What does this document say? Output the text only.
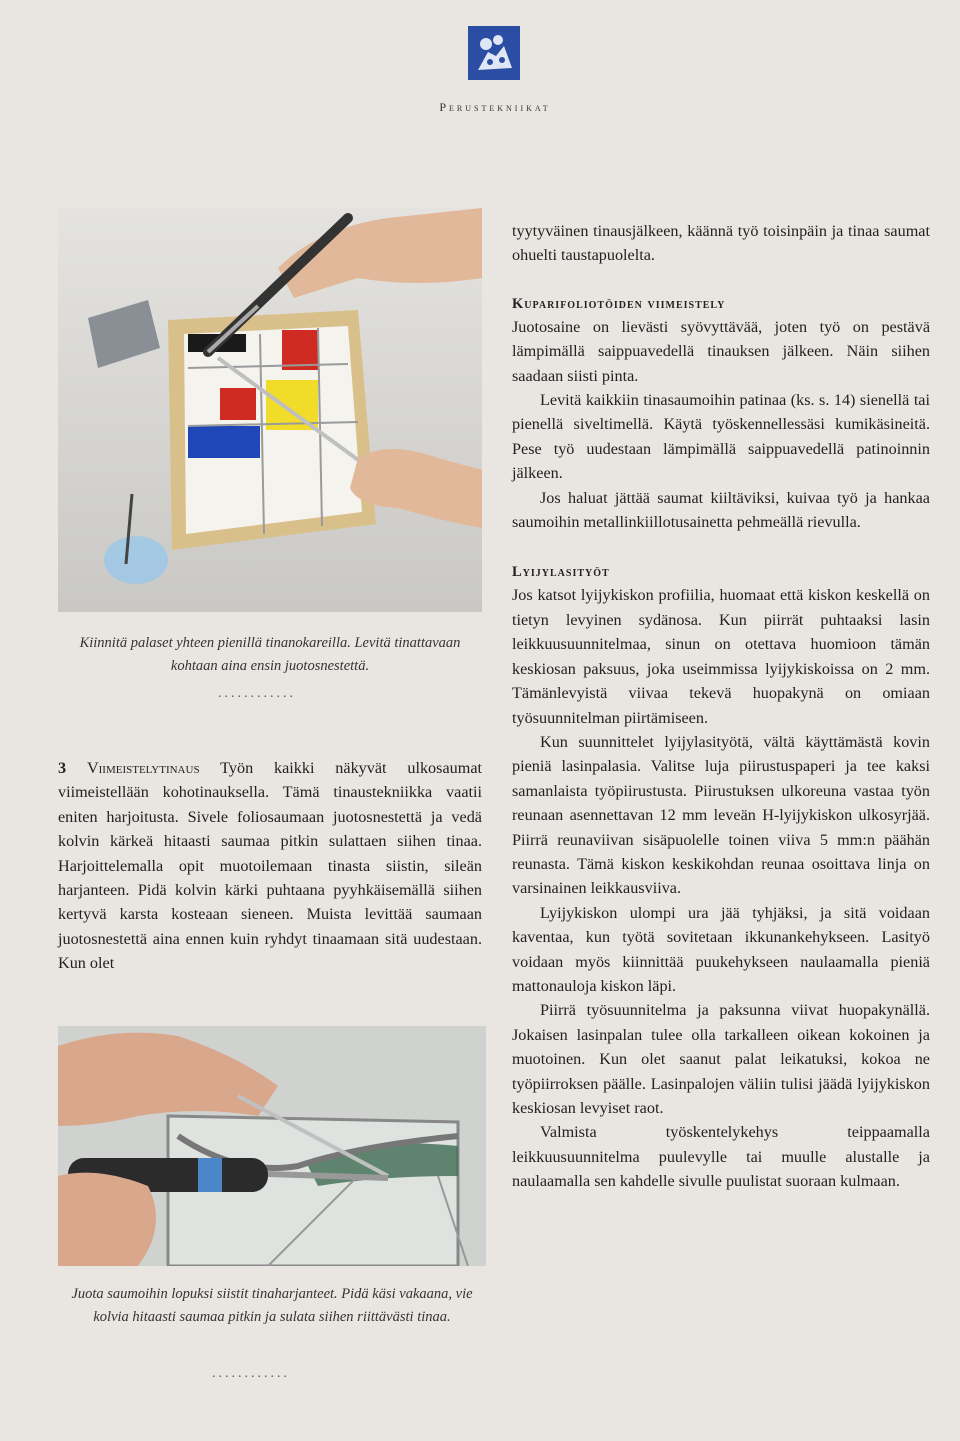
Perustekniikat
Kiinnitä palaset yhteen pienillä tinanokareilla. Levitä tinattavaan kohtaan aina ensin juotosnestettä.
............

3 Viimeistelytinaus Työn kaikki näkyvät ulkosaumat viimeistellään kohotinauksella. Tämä tinaustekniikka vaatii eniten harjoitusta. Sivele foliosaumaan juotosnestettä ja vedä kolvin kärkeä hitaasti saumaa pitkin sulattaen siihen tinaa. Harjoittelemalla opit muotoilemaan tinasta siistin, sileän harjanteen. Pidä kolvin kärki puhtaana pyyhkäisemällä siihen kertyvä karsta kosteaan sieneen. Muista levittää saumaan juotosnestettä aina ennen kuin ryhdyt tinaamaan sitä uudestaan. Kun olet

Juota saumoihin lopuksi siistit tinaharjanteet. Pidä käsi vakaana, vie kolvia hitaasti saumaa pitkin ja sulata siihen riittävästi tinaa.
............

tyytyväinen tinausjälkeen, käännä työ toisinpäin ja tinaa saumat ohuelti taustapuolelta.

Kuparifoliotöiden viimeistely

Juotosaine on lievästi syövyttävää, joten työ on pestävä lämpimällä saippuavedellä tinauksen jälkeen. Näin siihen saadaan siisti pinta.

Levitä kaikkiin tinasaumoihin patinaa (ks. s. 14) sienellä tai pienellä siveltimellä. Käytä työskennellessäsi kumikäsineitä. Pese työ uudestaan lämpimällä saippuavedellä patinoinnin jälkeen.

Jos haluat jättää saumat kiiltäviksi, kuivaa työ ja hankaa saumoihin metallinkiillotusainetta pehmeällä rievulla.

Lyijylasityöt

Jos katsot lyijykiskon profiilia, huomaat että kiskon keskellä on tietyn levyinen sydänosa. Kun piirrät puhtaaksi lasin leikkuusuunnitelmaa, sinun on otettava huomioon tämän keskiosan paksuus, joka useimmissa lyijykiskoissa on 2 mm. Tämänlevyistä viivaa tekevä huopakynä on omiaan työsuunnitelman piirtämiseen.

Kun suunnittelet lyijylasityötä, vältä käyttämästä kovin pieniä lasinpalasia. Valitse luja piirustuspaperi ja tee kaksi samanlaista työpiirustusta. Piirustuksen ulkoreuna vastaa työn reunaan asennettavan 12 mm leveän H-lyijykiskon ulkosyrjää. Piirrä reunaviivan sisäpuolelle toinen viiva 5 mm:n päähän reunasta. Tämä kiskon keskikohdan reunaa osoittava linja on varsinainen leikkausviiva.

Lyijykiskon ulompi ura jää tyhjäksi, ja sitä voidaan kaventaa, kun työtä sovitetaan ikkunankehykseen. Lasityö voidaan myös kiinnittää puukehykseen naulaamalla pieniä mattonauloja kiskon läpi.

Piirrä työsuunnitelma ja paksunna viivat huopakynällä. Jokaisen lasinpalan tulee olla tarkalleen oikean kokoinen ja muotoinen. Kun olet saanut palat leikatuksi, kokoa ne työpiirroksen päälle. Lasinpalojen väliin tulisi jäädä lyijykiskon keskiosan levyiset raot.

Valmista työskentelykehys teippaamalla leikkuusuunnitelma puulevylle tai muulle alustalle ja naulaamalla sen kahdelle sivulle puulistat suoraan kulmaan.
